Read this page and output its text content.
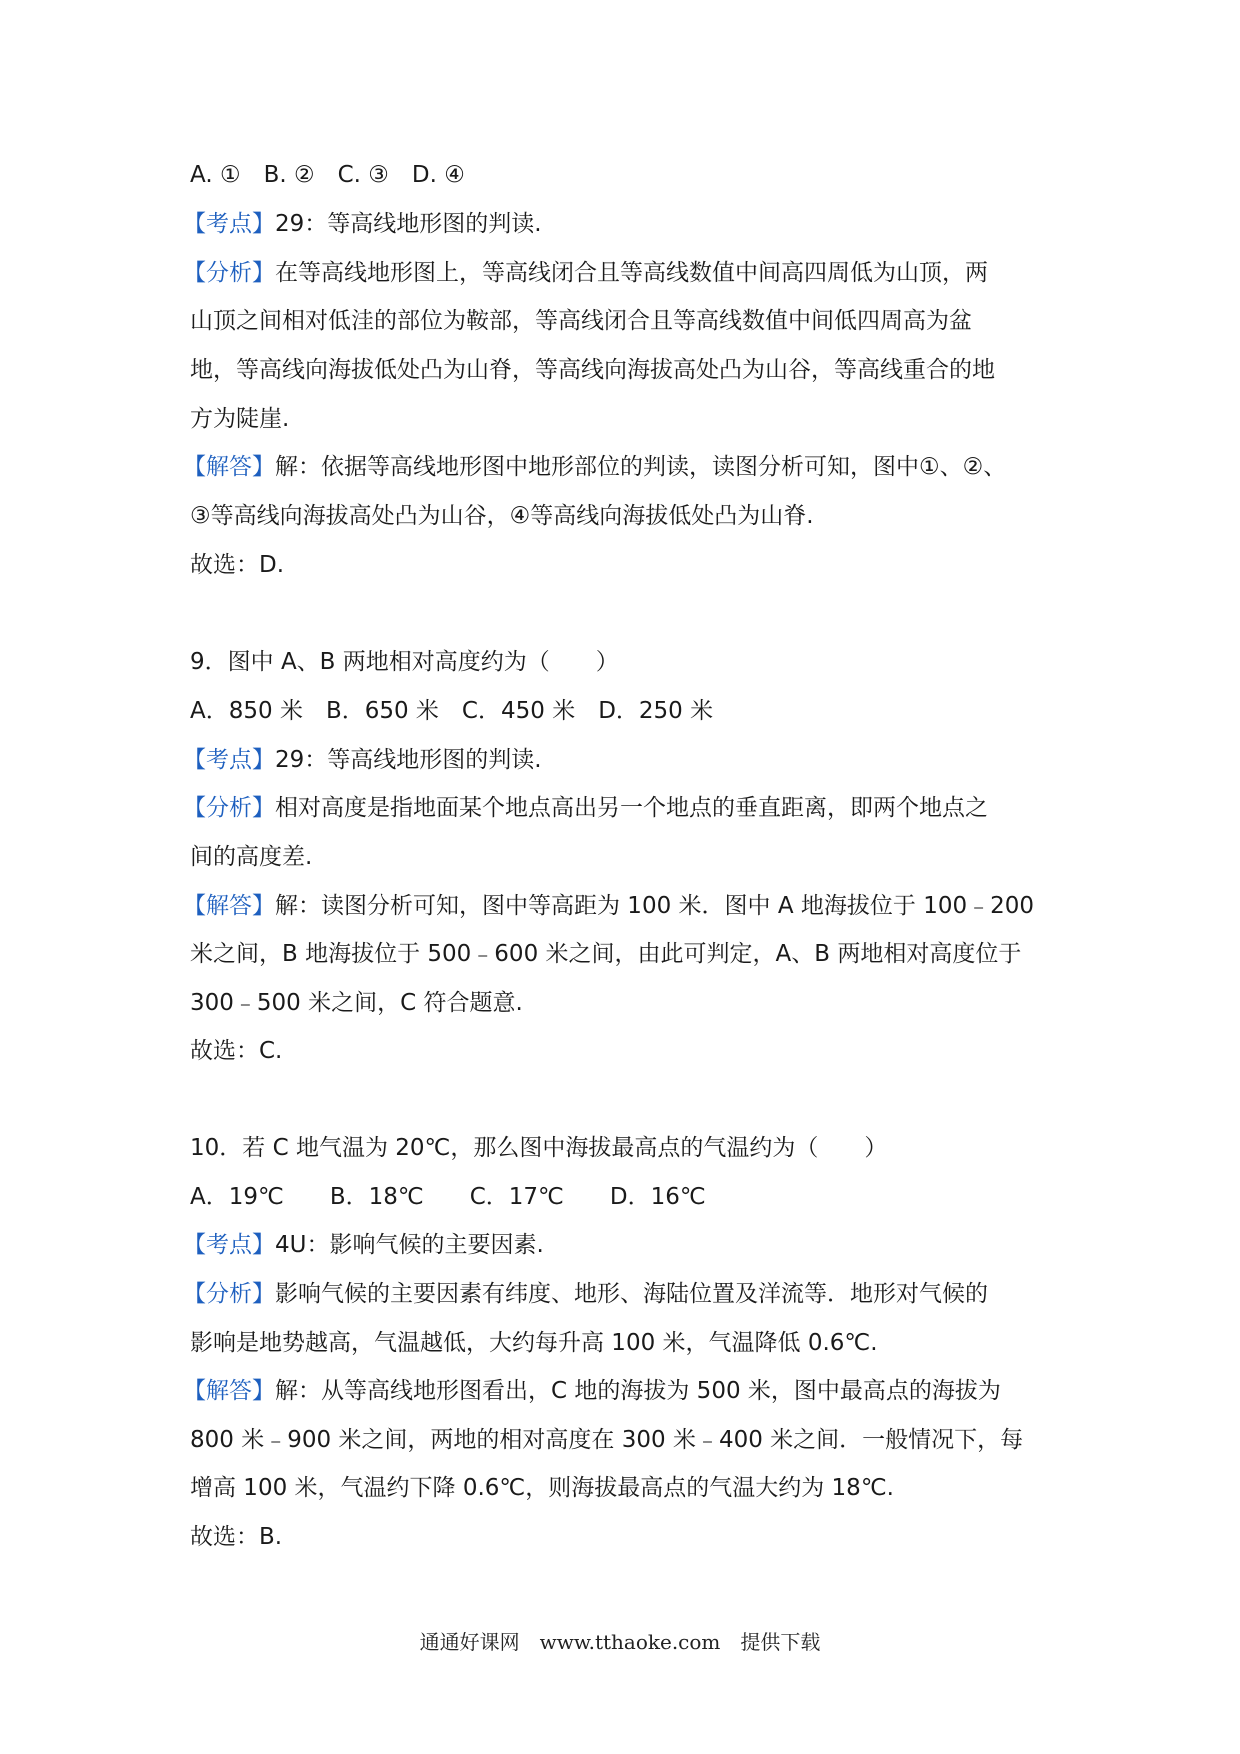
A. ①　B. ②　C. ③　D. ④
【考点】29：等高线地形图的判读.
【分析】在等高线地形图上，等高线闭合且等高线数值中间高四周低为山顶，两
山顶之间相对低洼的部位为鞍部，等高线闭合且等高线数值中间低四周高为盆
地，等高线向海拔低处凸为山脊，等高线向海拔高处凸为山谷，等高线重合的地
方为陡崖.
【解答】解：依据等高线地形图中地形部位的判读，读图分析可知，图中①、②、
③等高线向海拔高处凸为山谷，④等高线向海拔低处凸为山脊.
故选：D.
9．图中 A、B 两地相对高度约为（　　）
A．850 米　B．650 米　C．450 米　D．250 米
【考点】29：等高线地形图的判读.
【分析】相对高度是指地面某个地点高出另一个地点的垂直距离，即两个地点之
间的高度差.
【解答】解：读图分析可知，图中等高距为 100 米．图中 A 地海拔位于 100﹣200
米之间，B 地海拔位于 500﹣600 米之间，由此可判定，A、B 两地相对高度位于
300﹣500 米之间，C 符合题意.
故选：C.
10．若 C 地气温为 20℃，那么图中海拔最高点的气温约为（　　）
A．19℃　　B．18℃　　C．17℃　　D．16℃
【考点】4U：影响气候的主要因素.
【分析】影响气候的主要因素有纬度、地形、海陆位置及洋流等．地形对气候的
影响是地势越高，气温越低，大约每升高 100 米，气温降低 0.6℃.
【解答】解：从等高线地形图看出，C 地的海拔为 500 米，图中最高点的海拔为
800 米﹣900 米之间，两地的相对高度在 300 米﹣400 米之间．一般情况下，每
增高 100 米，气温约下降 0.6℃，则海拔最高点的气温大约为 18℃.
故选：B.
通通好课网　www.tthaoke.com　提供下载
